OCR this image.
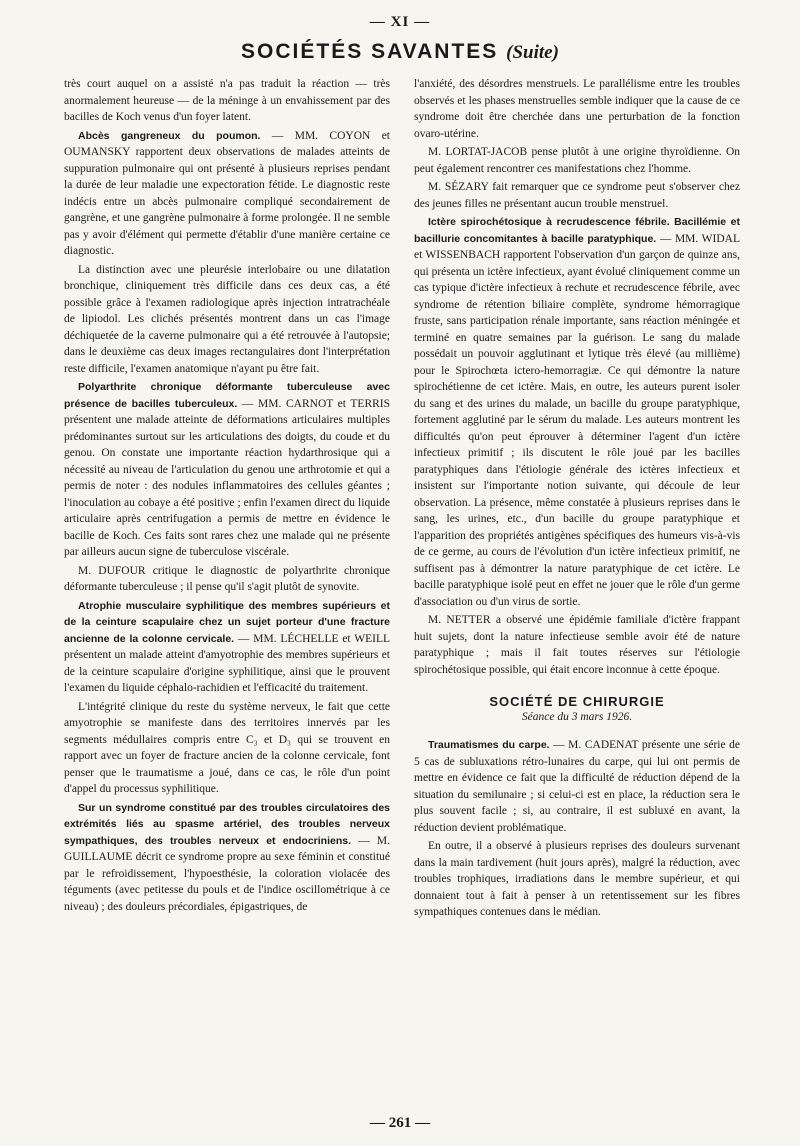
— XI —
SOCIÉTÉS SAVANTES (Suite)

très court auquel on a assisté n'a pas traduit la réaction — très anormalement heureuse — de la méninge à un envahissement par des bacilles de Koch venus d'un foyer latent.

Abcès gangreneux du poumon. — MM. COYON et OUMANSKY rapportent deux observations de malades atteints de suppuration pulmonaire qui ont présenté à plusieurs reprises pendant la durée de leur maladie une expectoration fétide. Le diagnostic reste indécis entre un abcès pulmonaire compliqué secondairement de gangrène, et une gangrène pulmonaire à forme prolongée. Il ne semble pas y avoir d'élément qui permette d'établir d'une manière certaine ce diagnostic.

La distinction avec une pleurésie interlobaire ou une dilatation bronchique, cliniquement très difficile dans ces deux cas, a été possible grâce à l'examen radiologique après injection intratrachéale de lipiodol. Les clichés présentés montrent dans un cas l'image déchiquetée de la caverne pulmonaire qui a été retrouvée à l'autopsie; dans le deuxième cas deux images rectangulaires dont l'interprétation reste difficile, l'examen anatomique n'ayant pu être fait.

Polyarthrite chronique déformante tuberculeuse avec présence de bacilles tuberculeux. — MM. CARNOT et TERRIS présentent une malade atteinte de déformations articulaires multiples prédominantes surtout sur les articulations des doigts, du coude et du genou. On constate une importante réaction hydarthrosique qui a nécessité au niveau de l'articulation du genou une arthrotomie et qui a permis de noter : des nodules inflammatoires des cellules géantes ; l'inoculation au cobaye a été positive ; enfin l'examen direct du liquide articulaire après centrifugation a permis de mettre en évidence le bacille de Koch. Ces faits sont rares chez une malade qui ne présente par ailleurs aucun signe de tuberculose viscérale.

M. DUFOUR critique le diagnostic de polyarthrite chronique déformante tuberculeuse ; il pense qu'il s'agit plutôt de synovite.

Atrophie musculaire syphilitique des membres supérieurs et de la ceinture scapulaire chez un sujet porteur d'une fracture ancienne de la colonne cervicale. — MM. LÉCHELLE et WEILL présentent un malade atteint d'amyotrophie des membres supérieurs et de la ceinture scapulaire d'origine syphilitique, ainsi que le prouvent l'examen du liquide céphalo-rachidien et l'efficacité du traitement.

L'intégrité clinique du reste du système nerveux, le fait que cette amyotrophie se manifeste dans des territoires innervés par les segments médullaires compris entre C₃ et D₃ qui se trouvent en rapport avec un foyer de fracture ancien de la colonne cervicale, font penser que le traumatisme a joué, dans ce cas, le rôle d'un point d'appel du processus syphilitique.

Sur un syndrome constitué par des troubles circulatoires des extrémités liés au spasme artériel, des troubles nerveux sympathiques, des troubles nerveux et endocriniens. — M. GUILLAUME décrit ce syndrome propre au sexe féminin et constitué par le refroidissement, l'hypoesthésie, la coloration violacée des téguments (avec petitesse du pouls et de l'indice oscillométrique à ce niveau) ; des douleurs précordiales, épigastriques, de

l'anxiété, des désordres menstruels. Le parallélisme entre les troubles observés et les phases menstruelles semble indiquer que la cause de ce syndrome doit être cherchée dans une perturbation de la fonction ovarо-utérine.

M. LORTAT-JACOB pense plutôt à une origine thyroïdienne. On peut également rencontrer ces manifestations chez l'homme.

M. SÉZARY fait remarquer que ce syndrome peut s'observer chez des jeunes filles ne présentant aucun trouble menstruel.

Ictère spirochétosique à recrudescence fébrile. Bacillémie et bacillurie concomitantes à bacille paratyphique. — MM. WIDAL et WISSENBACH rapportent l'observation d'un garçon de quinze ans, qui présenta un ictère infectieux, ayant évolué cliniquement comme un cas typique d'ictère infectieux à rechute et recrudescence fébrile, avec syndrome de rétention biliaire complète, syndrome hémorragique fruste, sans participation rénale importante, sans réaction méningée et terminé en quatre semaines par la guérison. Le sang du malade possédait un pouvoir agglutinant et lytique très élevé (au millième) pour le Spirochœta ictero-hemorragiæ. Ce qui démontre la nature spirochétienne de cet ictère. Mais, en outre, les auteurs purent isoler du sang et des urines du malade, un bacille du groupe paratyphique, fortement agglutiné par le sérum du malade. Les auteurs montrent les difficultés qu'on peut éprouver à déterminer l'agent d'un ictère infectieux primitif ; ils discutent le rôle joué par les bacilles paratyphiques dans l'étiologie générale des ictères infectieux et insistent sur l'importante notion suivante, qui découle de leur observation. La présence, même constatée à plusieurs reprises dans le sang, les urines, etc., d'un bacille du groupe paratyphique et l'apparition des propriétés antigènes spécifiques des humeurs vis-à-vis de ce germe, au cours de l'évolution d'un ictère infectieux primitif, ne suffisent pas à démontrer la nature paratyphique de cet ictère. Le bacille paratyphique isolé peut en effet ne jouer que le rôle d'un germe d'association ou d'un virus de sortie.

M. NETTER a observé une épidémie familiale d'ictère frappant huit sujets, dont la nature infectieuse semble avoir été de nature paratyphique ; mais il fait toutes réserves sur l'étiologie spirochétosique possible, qui était encore inconnue à cette époque.

SOCIÉTÉ DE CHIRURGIE
Séance du 3 mars 1926.

Traumatismes du carpe. — M. CADENAT présente une série de 5 cas de subluxations rétro-lunaires du carpe, qui lui ont permis de mettre en évidence ce fait que la difficulté de réduction dépend de la situation du semilunaire ; si celui-ci est en place, la réduction sera le plus souvent facile ; si, au contraire, il est subluxé en avant, la réduction devient problématique.

En outre, il a observé à plusieurs reprises des douleurs survenant dans la main tardivement (huit jours après), malgré la réduction, avec troubles trophiques, irradiations dans le membre supérieur, et qui donnaient tout à fait à penser à un retentissement sur les fibres sympathiques contenues dans le médian.

— 261 —
